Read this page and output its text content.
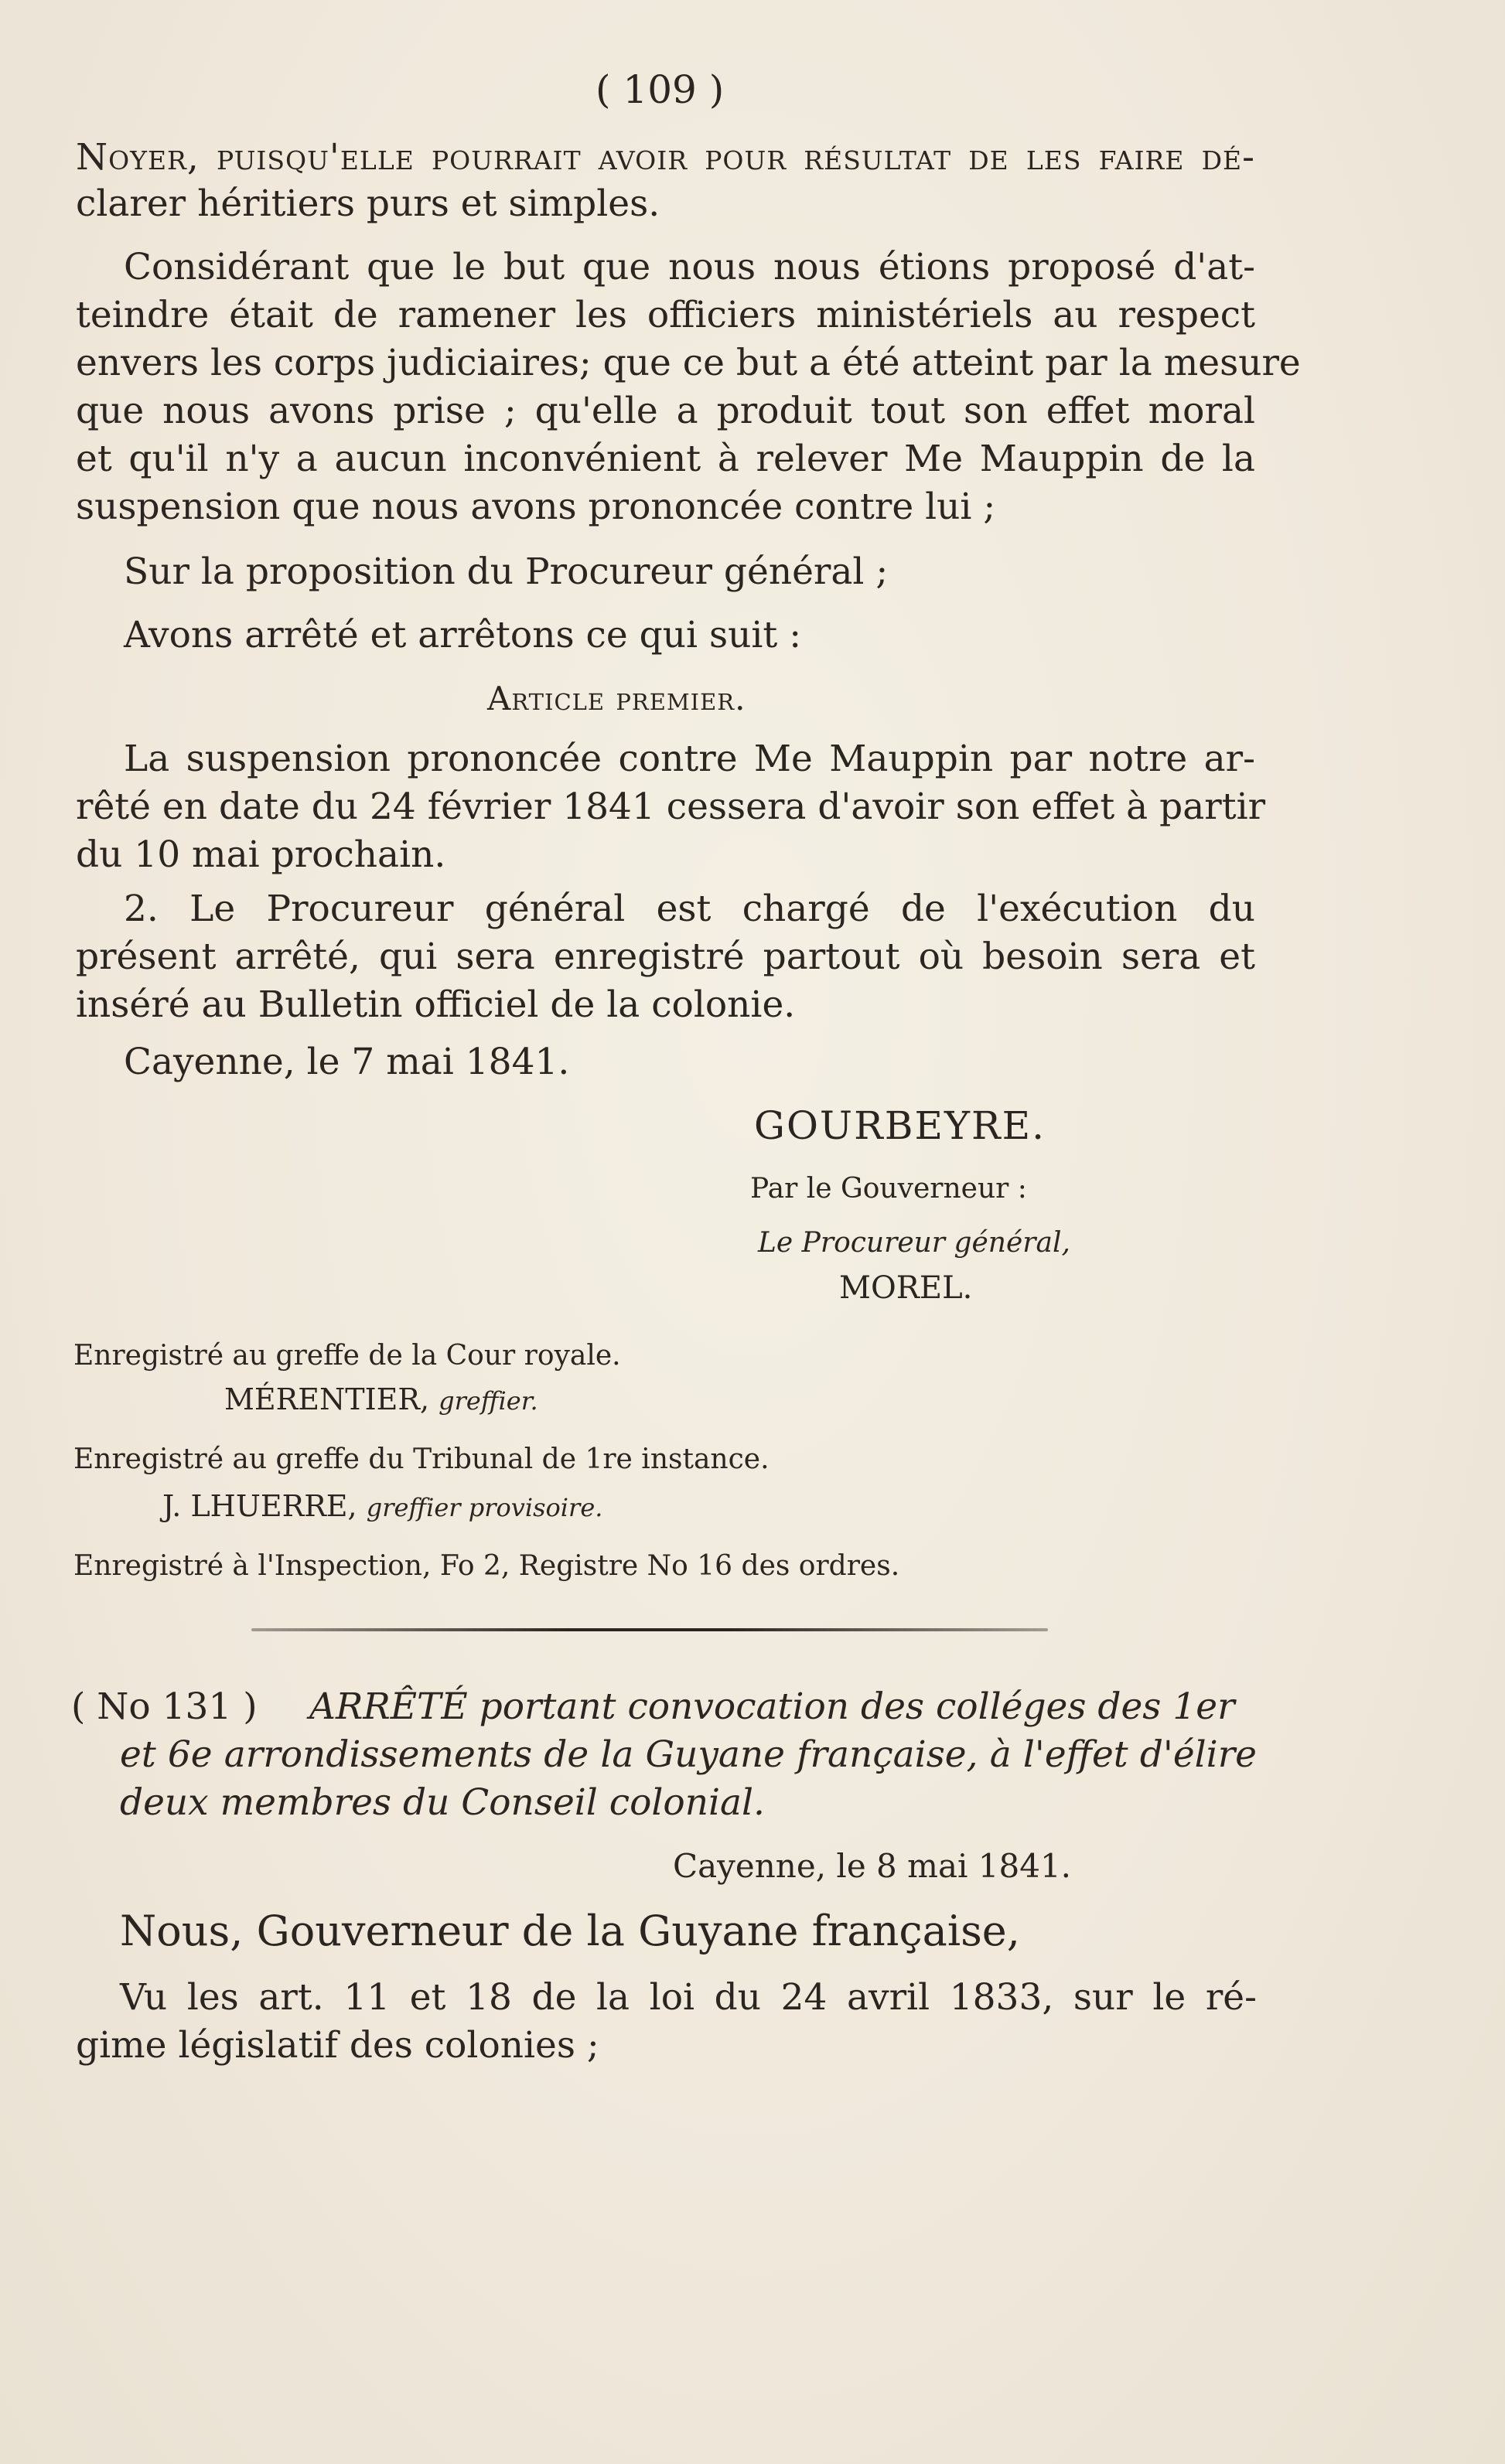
( 109 )
Noyer, puisqu'elle pourrait avoir pour résultat de les faire dé-
clarer héritiers purs et simples.
Considérant que le but que nous nous étions proposé d'at-
teindre était de ramener les officiers ministériels au respect
envers les corps judiciaires; que ce but a été atteint par la mesure
que nous avons prise ; qu'elle a produit tout son effet moral
et qu'il n'y a aucun inconvénient à relever Me Mauppin de la
suspension que nous avons prononcée contre lui ;
Sur la proposition du Procureur général ;
Avons arrêté et arrêtons ce qui suit :
Article premier.
La suspension prononcée contre Me Mauppin par notre ar-
rêté en date du 24 février 1841 cessera d'avoir son effet à partir
du 10 mai prochain.
2. Le Procureur général est chargé de l'exécution du
présent arrêté, qui sera enregistré partout où besoin sera et
inséré au Bulletin officiel de la colonie.
Cayenne, le 7 mai 1841.
GOURBEYRE.
Par le Gouverneur :
Le Procureur général,
MOREL.
Enregistré au greffe de la Cour royale.
MÉRENTIER, greffier.
Enregistré au greffe du Tribunal de 1re instance.
J. LHUERRE, greffier provisoire.
Enregistré à l'Inspection, Fo 2, Registre No 16 des ordres.
( No 131 ) ARRÊTÉ portant convocation des colléges des 1er
et 6e arrondissements de la Guyane française, à l'effet d'élire
deux membres du Conseil colonial.
Cayenne, le 8 mai 1841.
Nous, Gouverneur de la Guyane française,
Vu les art. 11 et 18 de la loi du 24 avril 1833, sur le ré-
gime législatif des colonies ;
